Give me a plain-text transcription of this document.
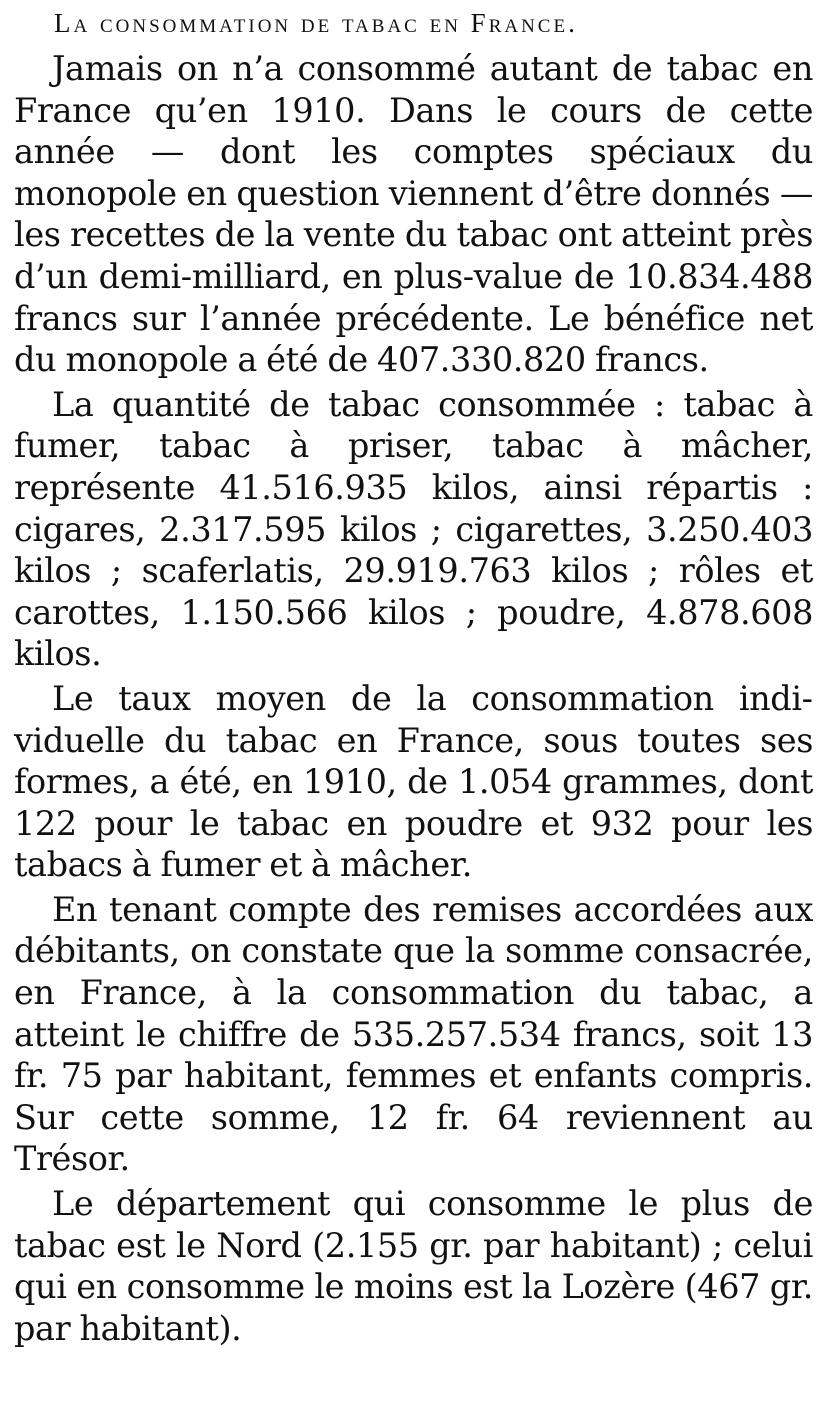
La consommation de tabac en France.

Jamais on n’a consommé autant de tabac en France qu’en 1910. Dans le cours de cette année — dont les comptes spéciaux du monopole en question viennent d’être donnés — les recettes de la vente du tabac ont atteint près d’un demi-milliard, en plus-value de 10.834.488 francs sur l’année précédente. Le bénéfice net du monopole a été de 407.330.820 francs.

La quantité de tabac consommée : tabac à fumer, tabac à priser, tabac à mâcher, représente 41.516.935 kilos, ainsi répartis : cigares, 2.317.595 kilos ; cigarettes, 3.250.403 kilos ; scaferlatis, 29.919.763 kilos ; rôles et carottes, 1.150.566 kilos ; poudre, 4.878.608 kilos.

Le taux moyen de la consommation individuelle du tabac en France, sous toutes ses formes, a été, en 1910, de 1.054 grammes, dont 122 pour le tabac en poudre et 932 pour les tabacs à fumer et à mâcher.

En tenant compte des remises accordées aux débitants, on constate que la somme consacrée, en France, à la consommation du tabac, a atteint le chiffre de 535.257.534 francs, soit 13 fr. 75 par habitant, femmes et enfants compris. Sur cette somme, 12 fr. 64 reviennent au Trésor.

Le département qui consomme le plus de tabac est le Nord (2.155 gr. par habitant) ; celui qui en consomme le moins est la Lozère (467 gr. par habitant).
